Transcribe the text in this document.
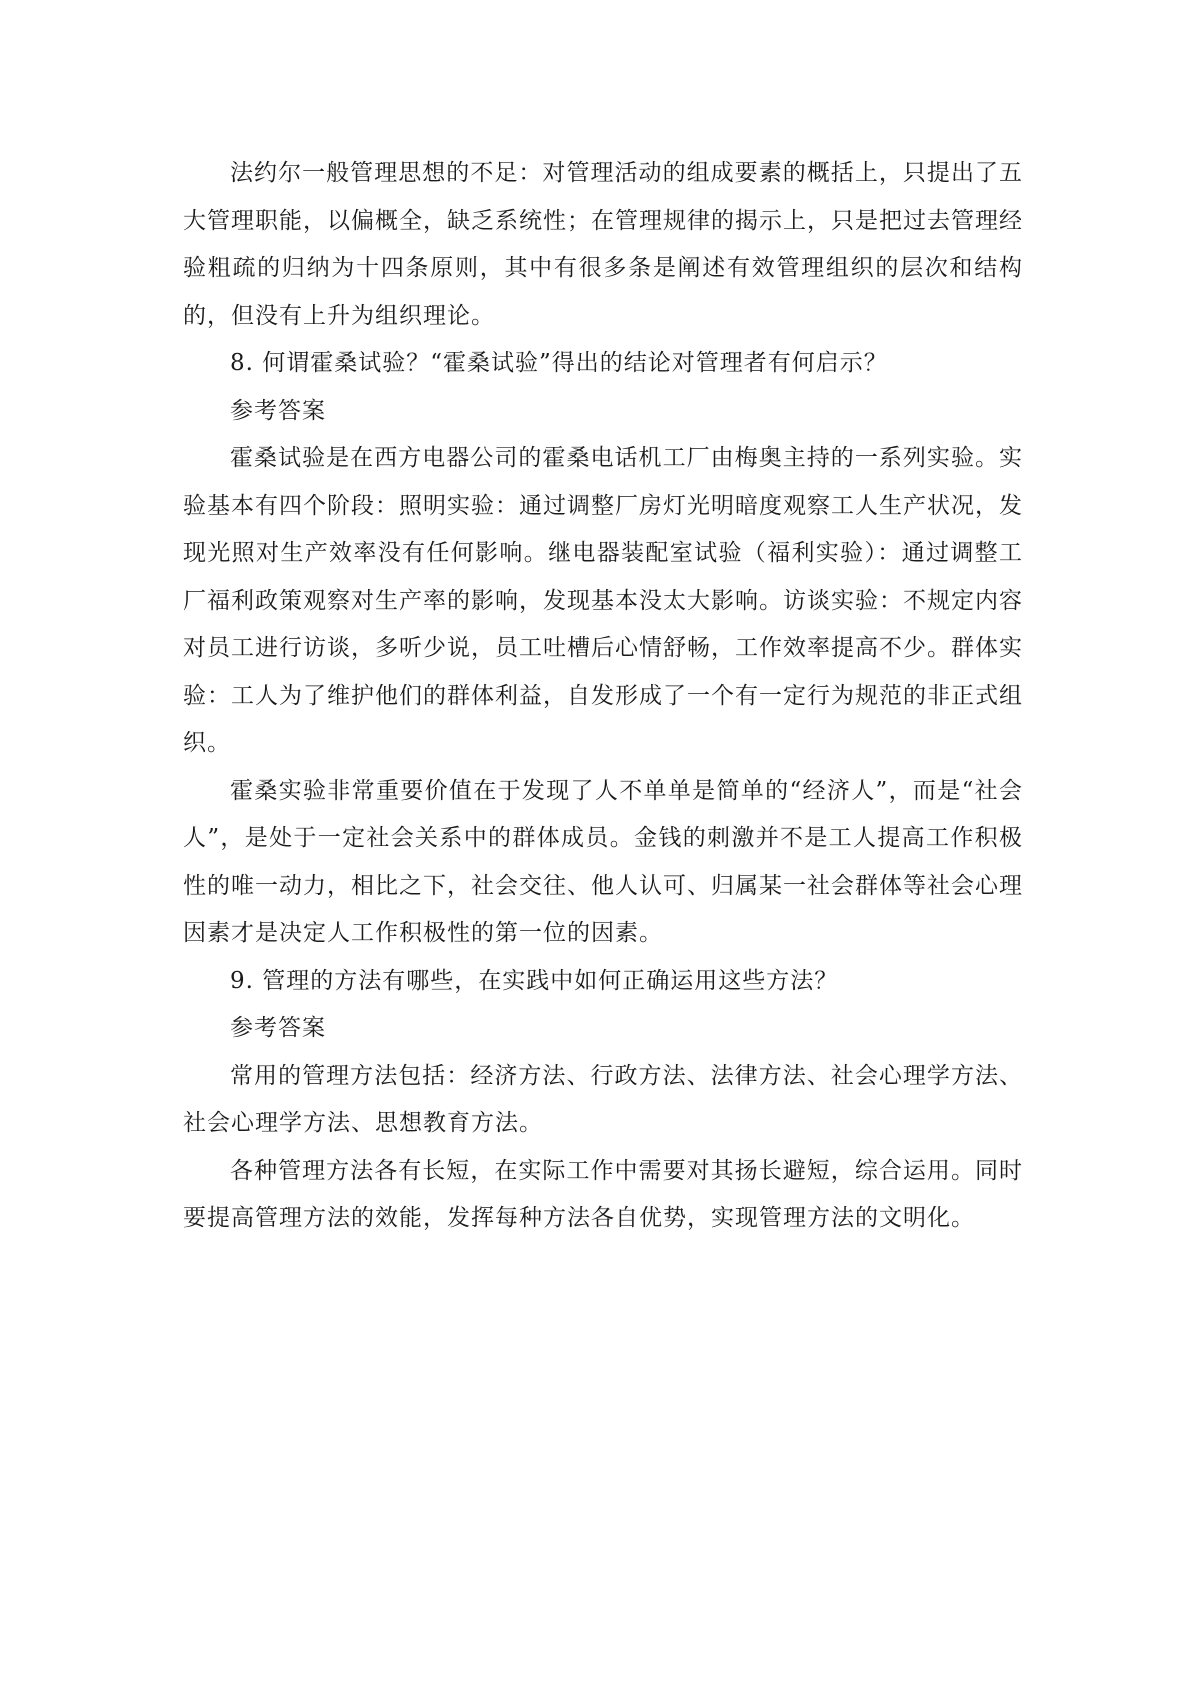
法约尔一般管理思想的不足：对管理活动的组成要素的概括上，只提出了五大管理职能，以偏概全，缺乏系统性；在管理规律的揭示上，只是把过去管理经验粗疏的归纳为十四条原则，其中有很多条是阐述有效管理组织的层次和结构的，但没有上升为组织理论。

8. 何谓霍桑试验？“霍桑试验”得出的结论对管理者有何启示？

参考答案

霍桑试验是在西方电器公司的霍桑电话机工厂由梅奥主持的一系列实验。实验基本有四个阶段：照明实验：通过调整厂房灯光明暗度观察工人生产状况，发现光照对生产效率没有任何影响。继电器装配室试验（福利实验）：通过调整工厂福利政策观察对生产率的影响，发现基本没太大影响。访谈实验：不规定内容对员工进行访谈，多听少说，员工吐槽后心情舒畅，工作效率提高不少。群体实验：工人为了维护他们的群体利益，自发形成了一个有一定行为规范的非正式组织。

霍桑实验非常重要价值在于发现了人不单单是简单的“经济人”，而是“社会人”，是处于一定社会关系中的群体成员。金钱的刺激并不是工人提高工作积极性的唯一动力，相比之下，社会交往、他人认可、归属某一社会群体等社会心理因素才是决定人工作积极性的第一位的因素。

9. 管理的方法有哪些，在实践中如何正确运用这些方法？

参考答案

常用的管理方法包括：经济方法、行政方法、法律方法、社会心理学方法、社会心理学方法、思想教育方法。

各种管理方法各有长短，在实际工作中需要对其扬长避短，综合运用。同时要提高管理方法的效能，发挥每种方法各自优势，实现管理方法的文明化。
